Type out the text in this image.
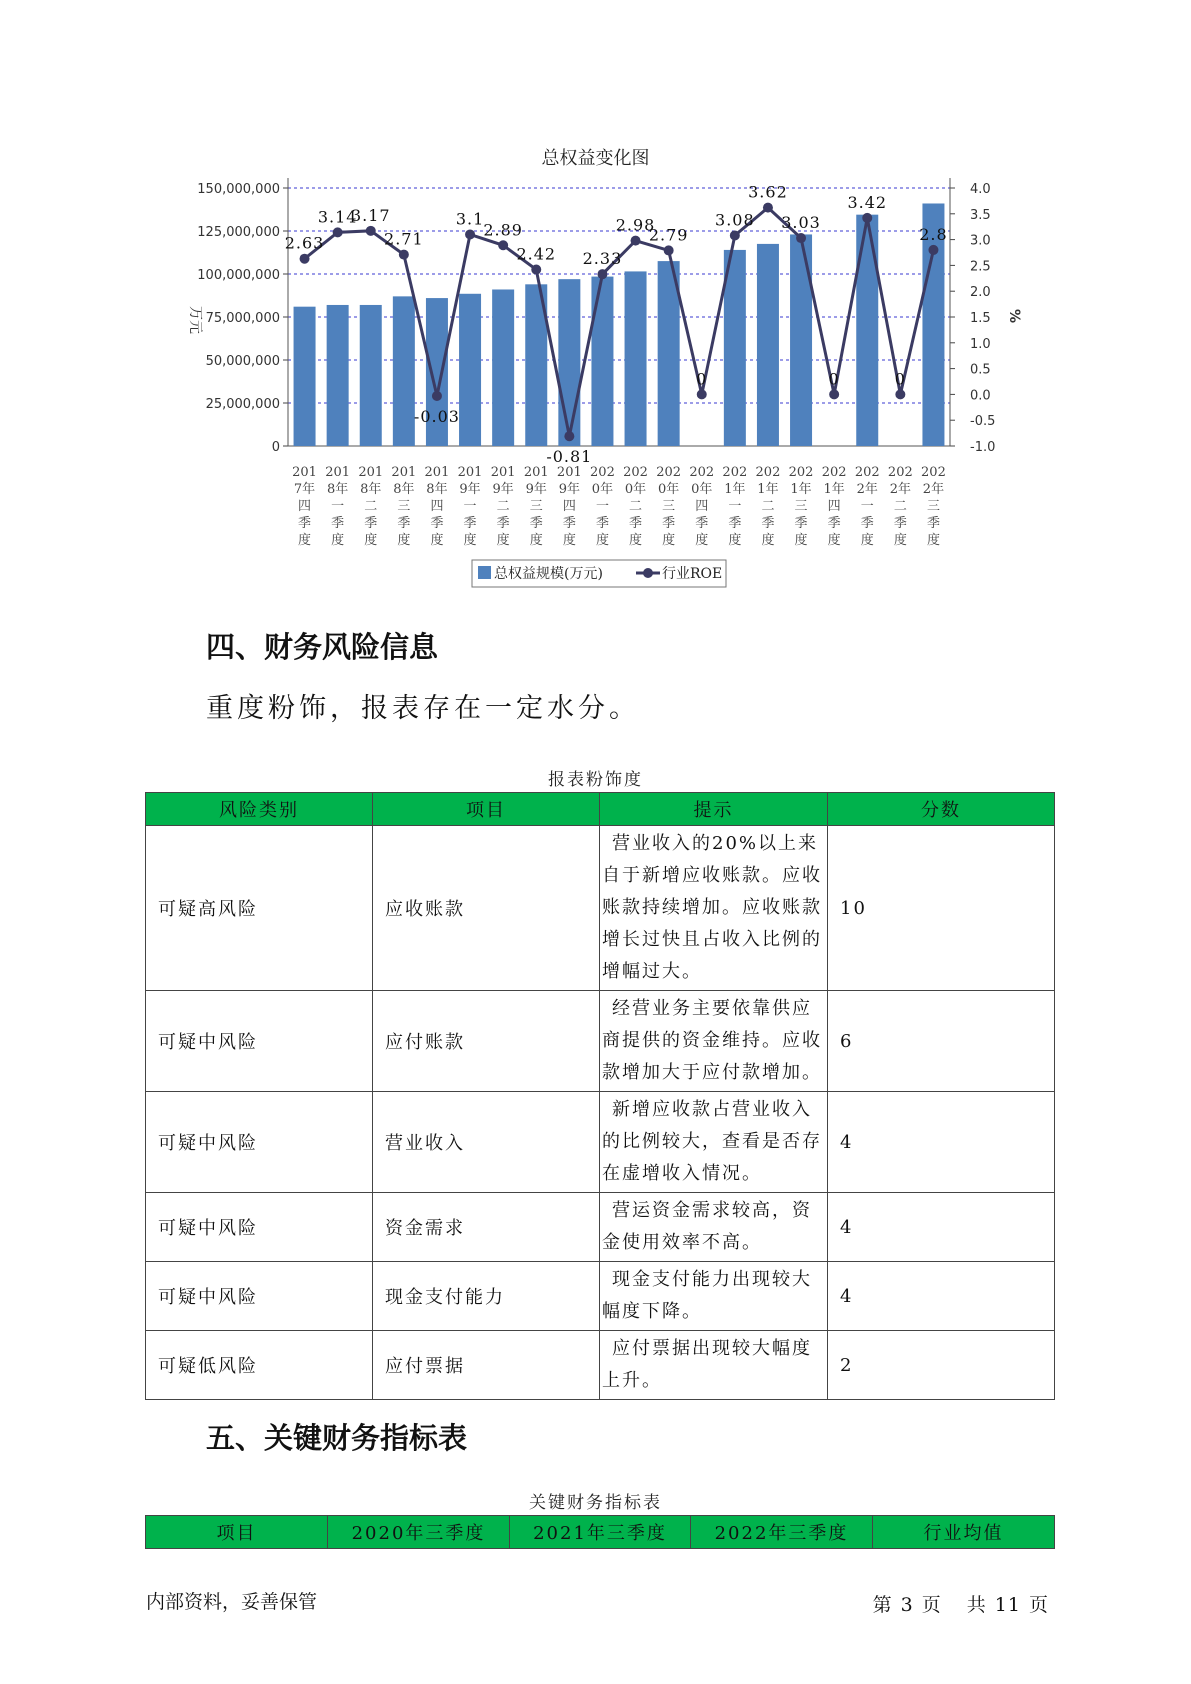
总权益变化图
0
25,000,000
50,000,000
75,000,000
100,000,000
125,000,000
150,000,000
-1.0
-0.5
0.0
0.5
1.0
1.5
2.0
2.5
3.0
3.5
4.0
万元	%
2.63
3.14
3.17
2.71
-0.03
3.1
2.89
2.42
-0.81
2.33
2.98
2.79
0
3.08
3.62
3.03
0
3.42
0
2.8
201
7年
四
季
度
201
8年
一
季
度
201
8年
二
季
度
201
8年
三
季
度
201
8年
四
季
度
201
9年
一
季
度
201
9年
二
季
度
201
9年
三
季
度
201
9年
四
季
度
202
0年
一
季
度
202
0年
二
季
度
202
0年
三
季
度
202
0年
四
季
度
202
1年
一
季
度
202
1年
二
季
度
202
1年
三
季
度
202
1年
四
季
度
202
2年
一
季
度
202
2年
二
季
度
202
2年
三
季
度
总权益规模(万元)	行业ROE
四、财务风险信息
重度粉饰，报表存在一定水分。
报表粉饰度
风险类别	项目	提示	分数
可疑高风险	应收账款	营业收入的20%以上来自于新增应收账款。应收账款持续增加。应收账款增长过快且占收入比例的增幅过大。	10
可疑中风险	应付账款	经营业务主要依靠供应商提供的资金维持。应收款增加大于应付款增加。	6
可疑中风险	营业收入	新增应收款占营业收入的比例较大，查看是否存在虚增收入情况。	4
可疑中风险	资金需求	营运资金需求较高，资金使用效率不高。	4
可疑中风险	现金支付能力	现金支付能力出现较大幅度下降。	4
可疑低风险	应付票据	应付票据出现较大幅度上升。	2
五、关键财务指标表
关键财务指标表
项目	2020年三季度	2021年三季度	2022年三季度	行业均值
内部资料，妥善保管	第 3 页 共 11 页
